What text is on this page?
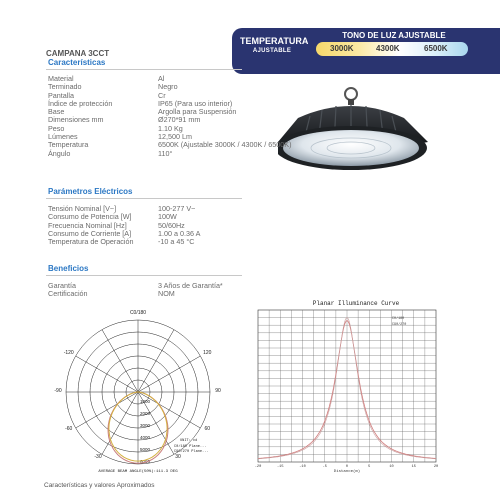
TEMPERATURA
AJUSTABLE
TONO DE LUZ AJUSTABLE
3000K	4300K	6500K
CAMPANA 3CCT
Características
Material	Al
Terminado	Negro
Pantalla	Cr
Índice de protección	IP65 (Para uso interior)
Base	Argolla para Suspensión
Dimensiones mm	Ø270*91 mm
Peso	1.10 Kg
Lúmenes	12,500 Lm
Temperatura	6500K (Ajustable 3000K / 4300K / 6500K)
Ángulo	110°
Parámetros Eléctricos
Tensión Nominal [V~]	100-277 V~
Consumo de Potencia [W]	100W
Frecuencia Nominal [Hz]	50/60Hz
Consumo de Corriente [A]	1.00 a 0.36 A
Temperatura de Operación	-10 a 45 °C
Beneficios
Garantía	3 Años de Garantía*
Certificación	NOM
C0/180
-120
-90
-60
-30
120
90
60
30
1000
2000
3000
4000
5000
6000
UNIT: cd
C0/180 Plane...
C90/270 Plane...
AVERAGE BEAM ANGLE(50%):111.3 DEG
Planar Illuminance Curve
-20	-15	-10	-5	0	5	10	15	20
C0/180
C90/270
Distance(m)
Características y valores Aproximados
